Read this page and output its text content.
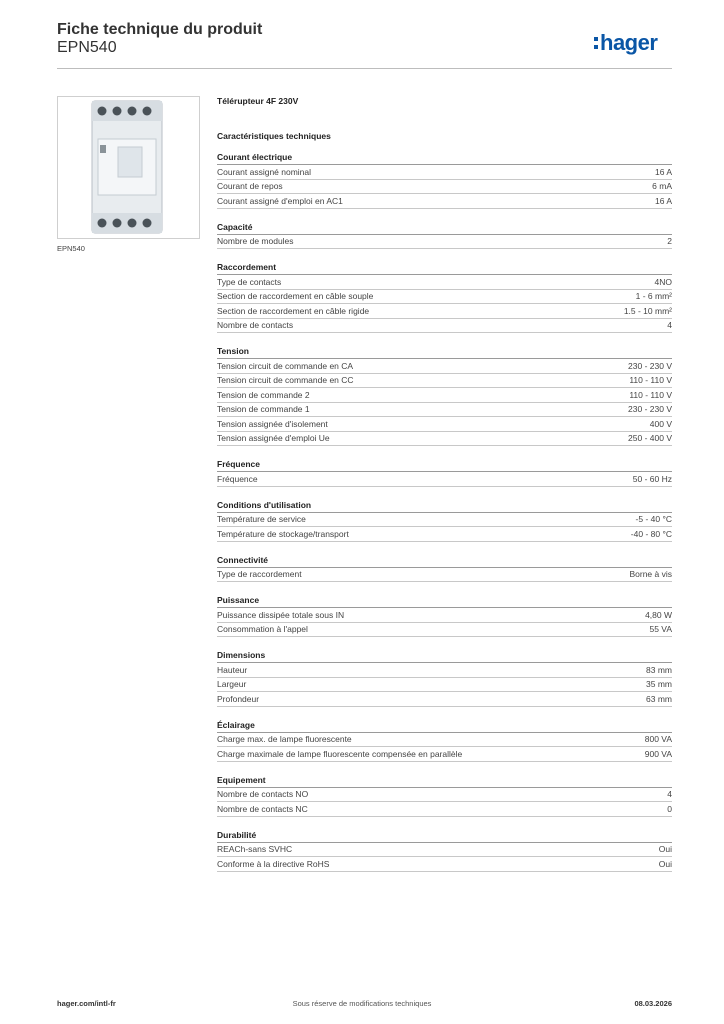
Fiche technique du produit
EPN540	hager
EPN540
Télérupteur 4F 230V
Caractéristiques techniques
Courant électrique
Courant assigné nominal	16 A
Courant de repos	6 mA
Courant assigné d'emploi en AC1	16 A
Capacité
Nombre de modules	2
Raccordement
Type de contacts	4NO
Section de raccordement en câble souple	1 - 6 mm²
Section de raccordement en câble rigide	1.5 - 10 mm²
Nombre de contacts	4
Tension
Tension circuit de commande en CA	230 - 230 V
Tension circuit de commande en CC	110 - 110 V
Tension de commande 2	110 - 110 V
Tension de commande 1	230 - 230 V
Tension assignée d'isolement	400 V
Tension assignée d'emploi Ue	250 - 400 V
Fréquence
Fréquence	50 - 60 Hz
Conditions d'utilisation
Température de service	-5 - 40 °C
Température de stockage/transport	-40 - 80 °C
Connectivité
Type de raccordement	Borne à vis
Puissance
Puissance dissipée totale sous IN	4,80 W
Consommation à l'appel	55 VA
Dimensions
Hauteur	83 mm
Largeur	35 mm
Profondeur	63 mm
Éclairage
Charge max. de lampe fluorescente	800 VA
Charge maximale de lampe fluorescente compensée en parallèle	900 VA
Equipement
Nombre de contacts NO	4
Nombre de contacts NC	0
Durabilité
REACh-sans SVHC	Oui
Conforme à la directive RoHS	Oui
hager.com/intl-fr	Sous réserve de modifications techniques	08.03.2026
